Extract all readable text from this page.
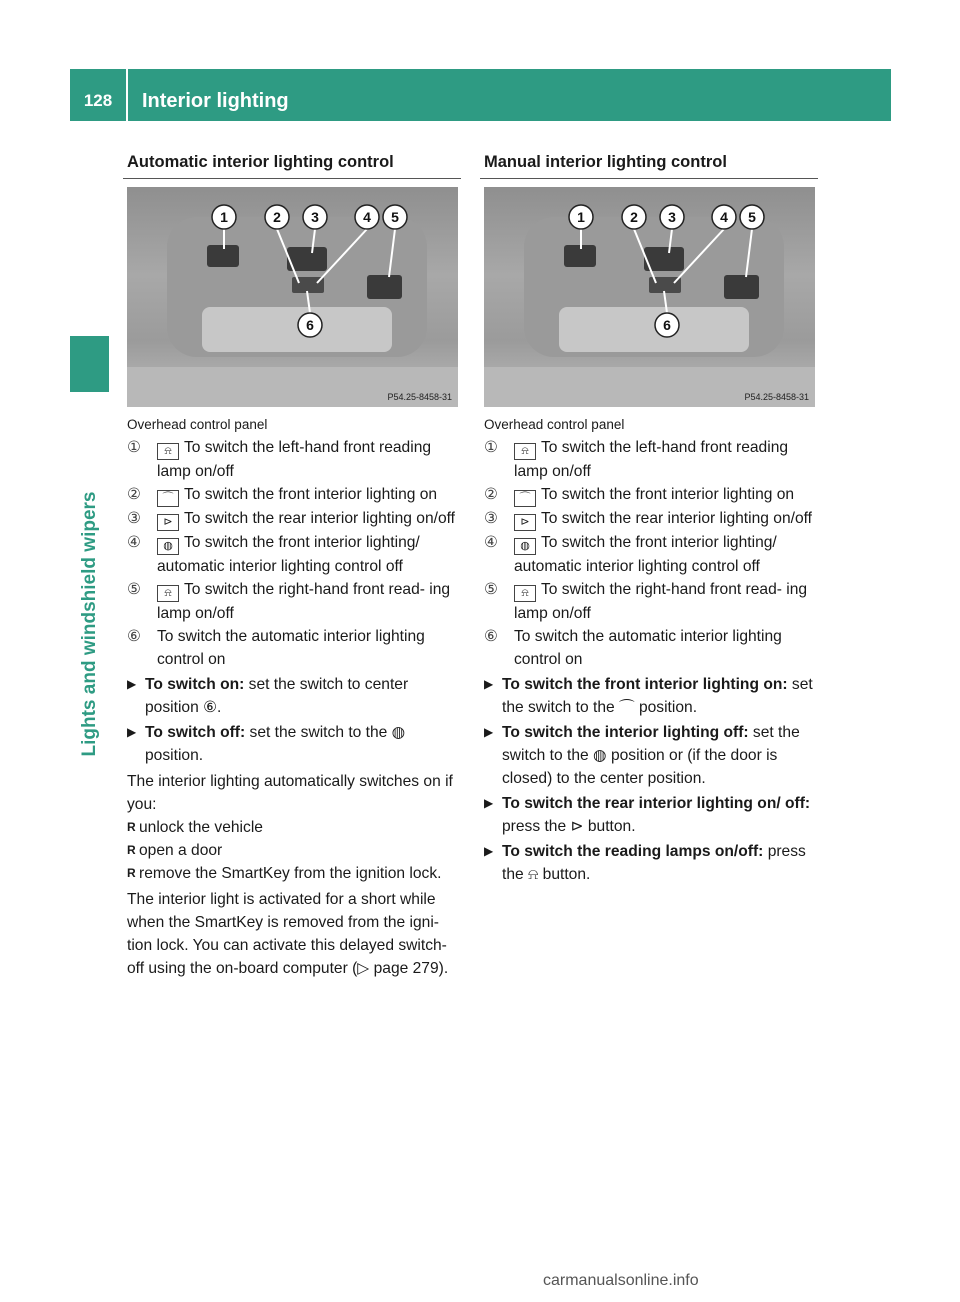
128	Interior lighting
Lights and windshield wipers
Automatic interior lighting control
1	2 3	4 5
6
P54.25-8458-31
Overhead control panel
①	⍾ To switch the left-hand front reading lamp on/off
②	⌒ To switch the front interior lighting on
③	⊳ To switch the rear interior lighting on/off
④	◍ To switch the front interior lighting/ automatic interior lighting control off
⑤	⍾ To switch the right-hand front read- ing lamp on/off
⑥	To switch the automatic interior lighting control on
▶ To switch on: set the switch to center position ⑥.
▶ To switch off: set the switch to the ◍ position.
The interior lighting automatically switches on if you:
R unlock the vehicle
R open a door
R remove the SmartKey from the ignition lock.
The interior light is activated for a short while when the SmartKey is removed from the igni- tion lock. You can activate this delayed switch-off using the on-board computer (▷ page 279).
Manual interior lighting control
1	2 3	4 5
6
P54.25-8458-31
Overhead control panel
①	⍾ To switch the left-hand front reading lamp on/off
②	⌒ To switch the front interior lighting on
③	⊳ To switch the rear interior lighting on/off
④	◍ To switch the front interior lighting/ automatic interior lighting control off
⑤	⍾ To switch the right-hand front read- ing lamp on/off
⑥	To switch the automatic interior lighting control on
▶ To switch the front interior lighting on: set the switch to the ⌒ position.
▶ To switch the interior lighting off: set the switch to the ◍ position or (if the door is closed) to the center position.
▶ To switch the rear interior lighting on/ off: press the ⊳ button.
▶ To switch the reading lamps on/off: press the ⍾ button.
carmanualsonline.info
